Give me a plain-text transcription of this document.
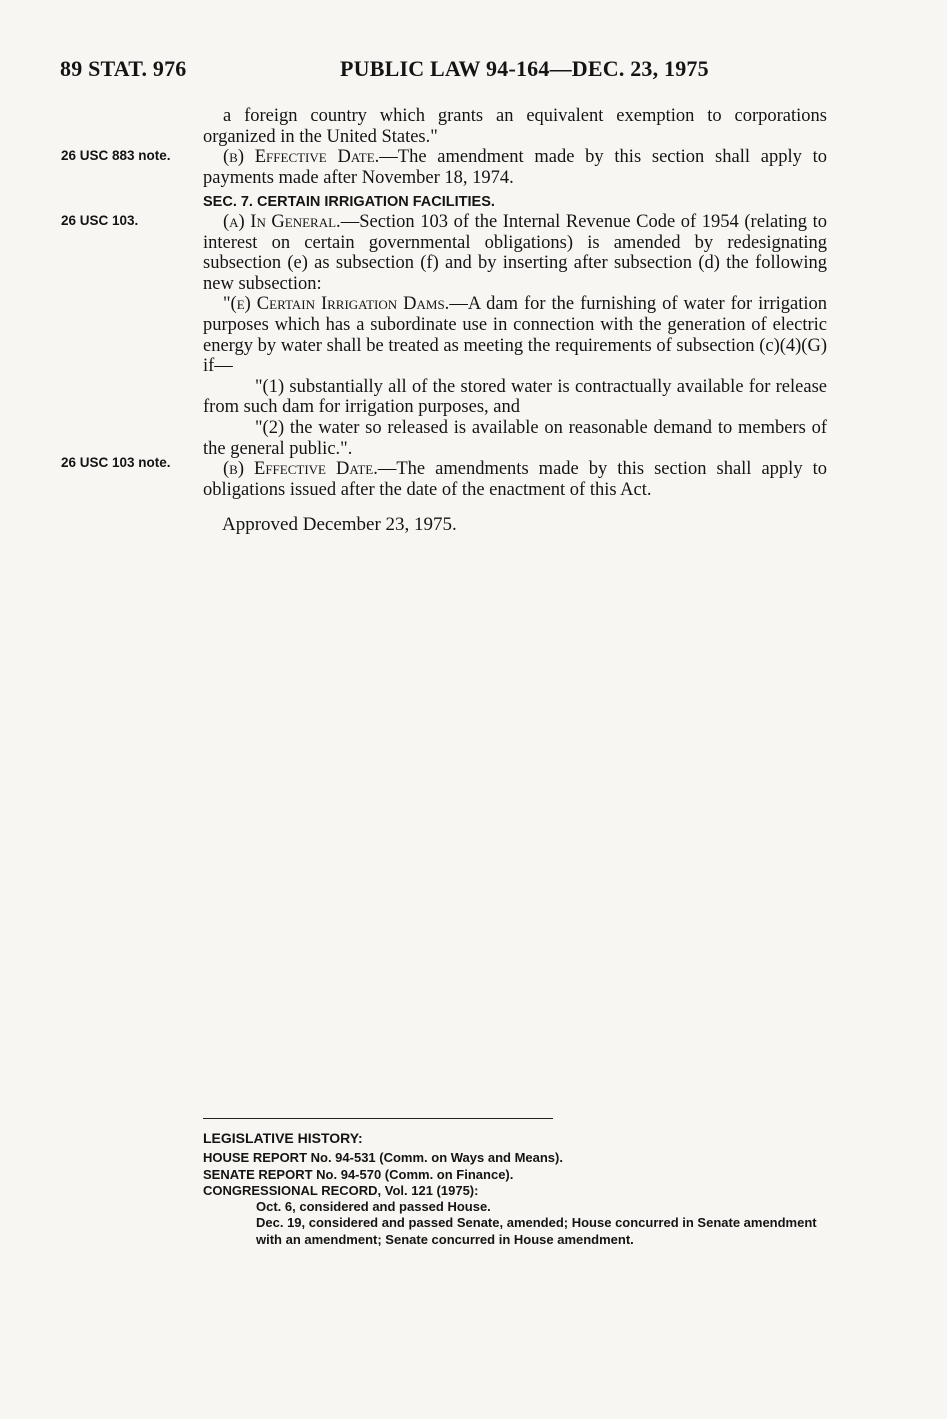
89 STAT. 976	PUBLIC LAW 94-164—DEC. 23, 1975
26 USC 883 note.
26 USC 103.
26 USC 103 note.

a foreign country which grants an equivalent exemption to corporations organized in the United States."

(b) Effective Date.—The amendment made by this section shall apply to payments made after November 18, 1974.

SEC. 7. CERTAIN IRRIGATION FACILITIES.

(a) In General.—Section 103 of the Internal Revenue Code of 1954 (relating to interest on certain governmental obligations) is amended by redesignating subsection (e) as subsection (f) and by inserting after subsection (d) the following new subsection:

"(e) Certain Irrigation Dams.—A dam for the furnishing of water for irrigation purposes which has a subordinate use in connection with the generation of electric energy by water shall be treated as meeting the requirements of subsection (c)(4)(G) if—

"(1) substantially all of the stored water is contractually available for release from such dam for irrigation purposes, and

"(2) the water so released is available on reasonable demand to members of the general public.".

(b) Effective Date.—The amendments made by this section shall apply to obligations issued after the date of the enactment of this Act.

Approved December 23, 1975.
LEGISLATIVE HISTORY:
HOUSE REPORT No. 94-531 (Comm. on Ways and Means).
SENATE REPORT No. 94-570 (Comm. on Finance).
CONGRESSIONAL RECORD, Vol. 121 (1975):
Oct. 6, considered and passed House.
Dec. 19, considered and passed Senate, amended; House concurred in Senate amendment with an amendment; Senate concurred in House amendment.
